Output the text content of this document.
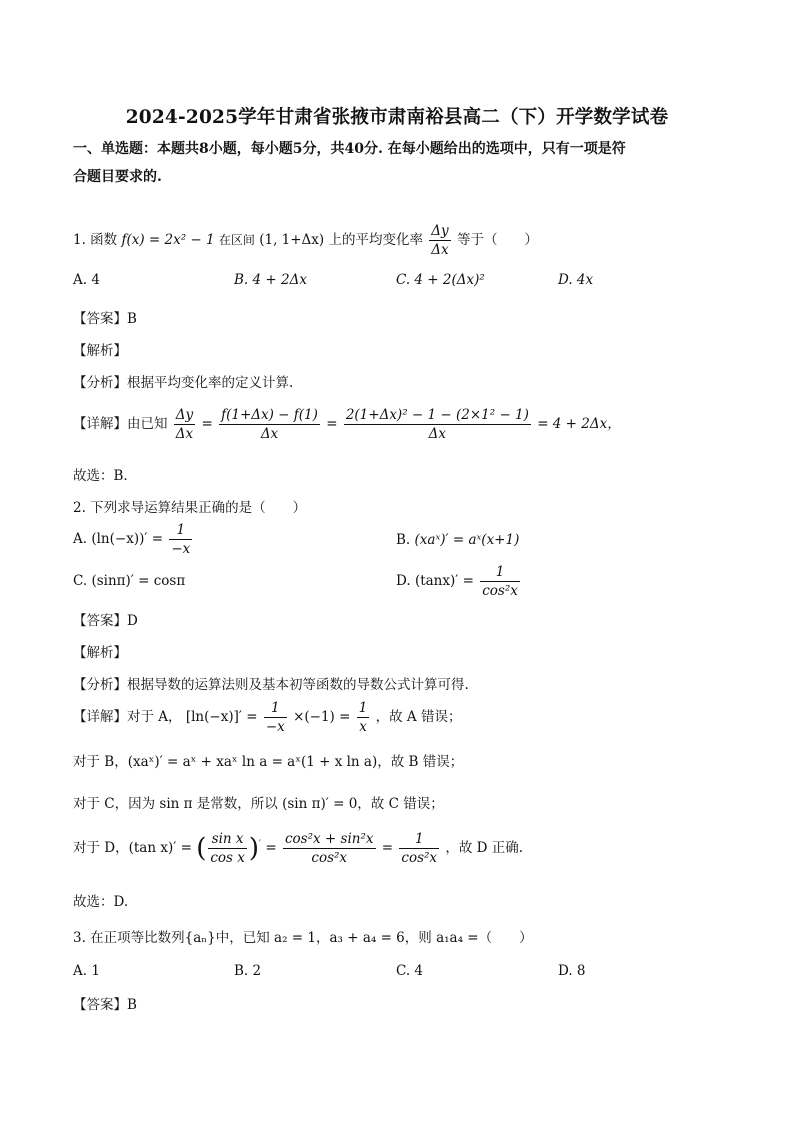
2024-2025学年甘肃省张掖市肃南裕县高二（下）开学数学试卷
一、单选题：本题共8小题，每小题5分，共40分. 在每小题给出的选项中，只有一项是符
合题目要求的.
1. 函数 f(x) = 2x² − 1 在区间 (1, 1+Δx) 上的平均变化率 $\frac{\Delta y}{\Delta x}$ 等于（　　）
A. 4	B. 4 + 2Δx	C. 4 + 2(Δx)²	D. 4x
【答案】B
【解析】
【分析】根据平均变化率的定义计算.
【详解】由已知 $\frac{\Delta y}{\Delta x} = \frac{f(1+\Delta x) - f(1)}{\Delta x} = \frac{\text{2(1+Δx)² − 1 − (2×1² − 1)}}{\Delta x} = 4 + 2\Delta x$，
故选：B．
2. 下列求导运算结果正确的是（　　）
A. $(\ln(-x))' = \frac{1}{-x}$	B. (xaˣ)′ = aˣ(x+1)
C. (sinπ)′ = cosπ	D. $(\tan x)' = \frac{1}{\text{cos²x}}$
【答案】D
【解析】
【分析】根据导数的运算法则及基本初等函数的导数公式计算可得.
【详解】对于 A， $[\ln(-x)]' = \frac{1}{-x} \times(-1) = \frac{1}{x}$ ，故 A 错误；
对于 B，(xaˣ)′ = aˣ + xaˣ ln a = aˣ(1 + x ln a)，故 B 错误；
对于 C，因为 sin π 是常数，所以 (sin π)′ = 0，故 C 错误；
对于 D，(tan x)′ = ( $\frac{\text{sin x}}{\text{cos x}} )' = \frac{\text{cos²x + sin²x}}{\text{cos²x}} = \frac{1}{\text{cos²x}}$ ，故 D 正确.
故选：D.
3. 在正项等比数列{aₙ}中，已知 a₂ = 1，a₃ + a₄ = 6，则 a₁a₄ =（　　）
A. 1	B. 2	C. 4	D. 8
【答案】B
